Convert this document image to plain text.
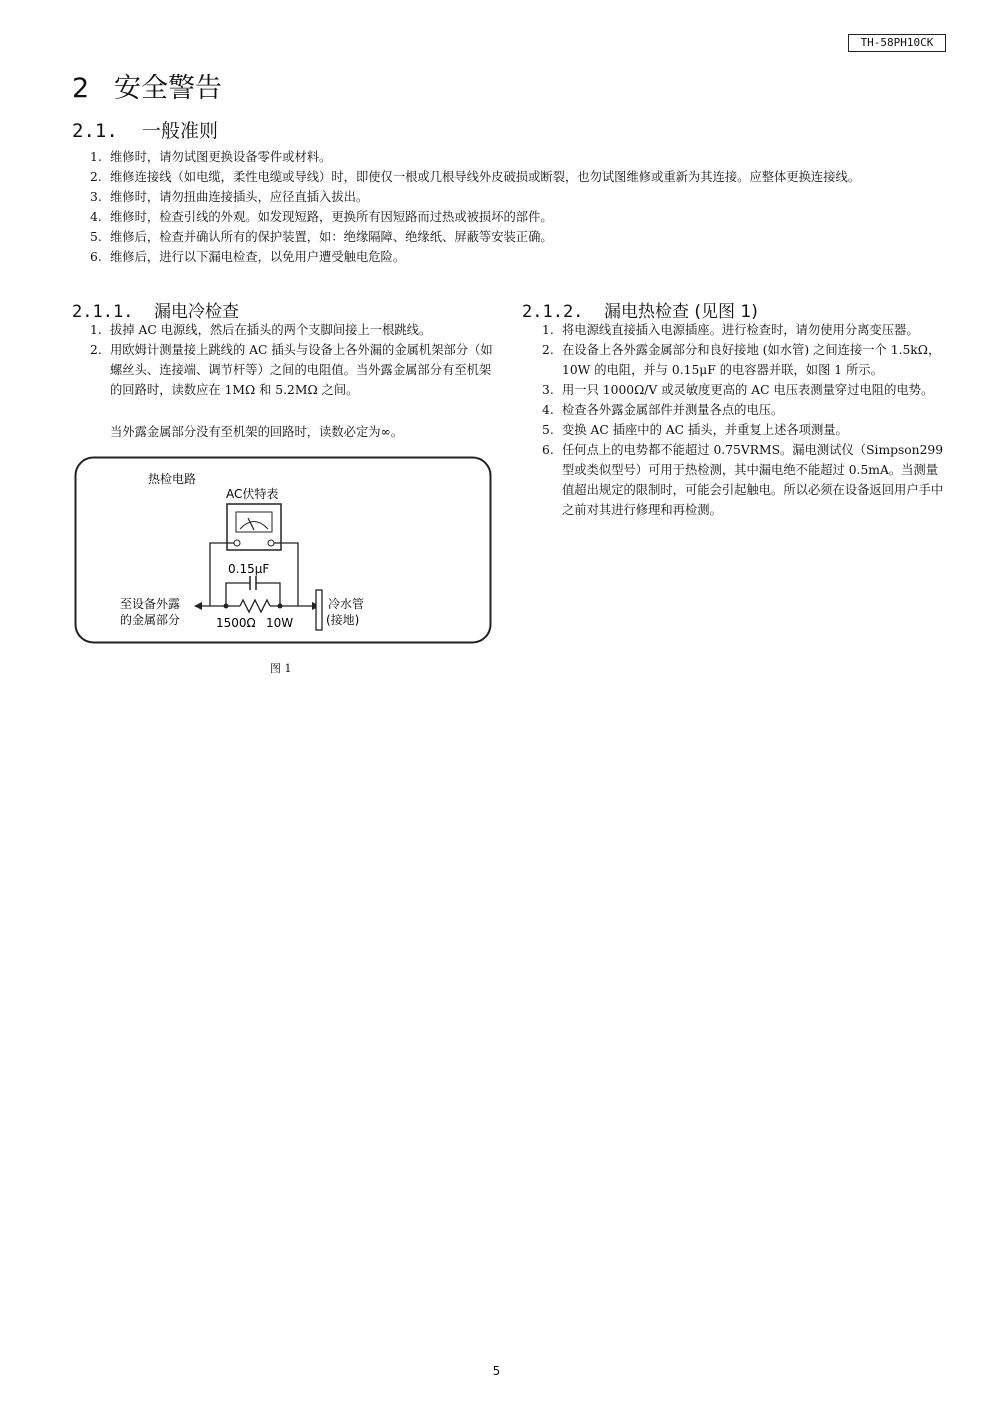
TH-58PH10CK
2 安全警告
2.1. 一般准则
1. 维修时，请勿试图更换设备零件或材料。
2. 维修连接线（如电缆，柔性电缆或导线）时，即使仅一根或几根导线外皮破损或断裂，也勿试图维修或重新为其连接。应整体更换连接线。
3. 维修时，请勿扭曲连接插头，应径直插入拔出。
4. 维修时，检查引线的外观。如发现短路，更换所有因短路而过热或被损坏的部件。
5. 维修后，检查并确认所有的保护装置，如：绝缘隔障、绝缘纸、屏蔽等安装正确。
6. 维修后，进行以下漏电检查，以免用户遭受触电危险。
2.1.1. 漏电冷检查
1. 拔掉 AC 电源线，然后在插头的两个支脚间接上一根跳线。
2. 用欧姆计测量接上跳线的 AC 插头与设备上各外漏的金属机架部分（如螺丝头、连接端、调节杆等）之间的电阻值。当外露金属部分有至机架的回路时，读数应在 1MΩ 和 5.2MΩ 之间。
当外露金属部分没有至机架的回路时，读数必定为∞。
2.1.2. 漏电热检查 (见图 1)
1. 将电源线直接插入电源插座。进行检查时，请勿使用分离变压器。
2. 在设备上各外露金属部分和良好接地 (如水管) 之间连接一个 1.5kΩ，10W 的电阻，并与 0.15μF 的电容器并联，如图 1 所示。
3. 用一只 1000Ω/V 或灵敏度更高的 AC 电压表测量穿过电阻的电势。
4. 检查各外露金属部件并测量各点的电压。
5. 变换 AC 插座中的 AC 插头，并重复上述各项测量。
6. 任何点上的电势都不能超过 0.75VRMS。漏电测试仪（Simpson299 型或类似型号）可用于热检测，其中漏电绝不能超过 0.5mA。当测量值超出规定的限制时，可能会引起触电。所以必须在设备返回用户手中之前对其进行修理和再检测。
热检电路
AC伏特表
0.15μF
至设备外露
的金属部分
冷水管
(接地)
1500Ω 10W
图 1
5
